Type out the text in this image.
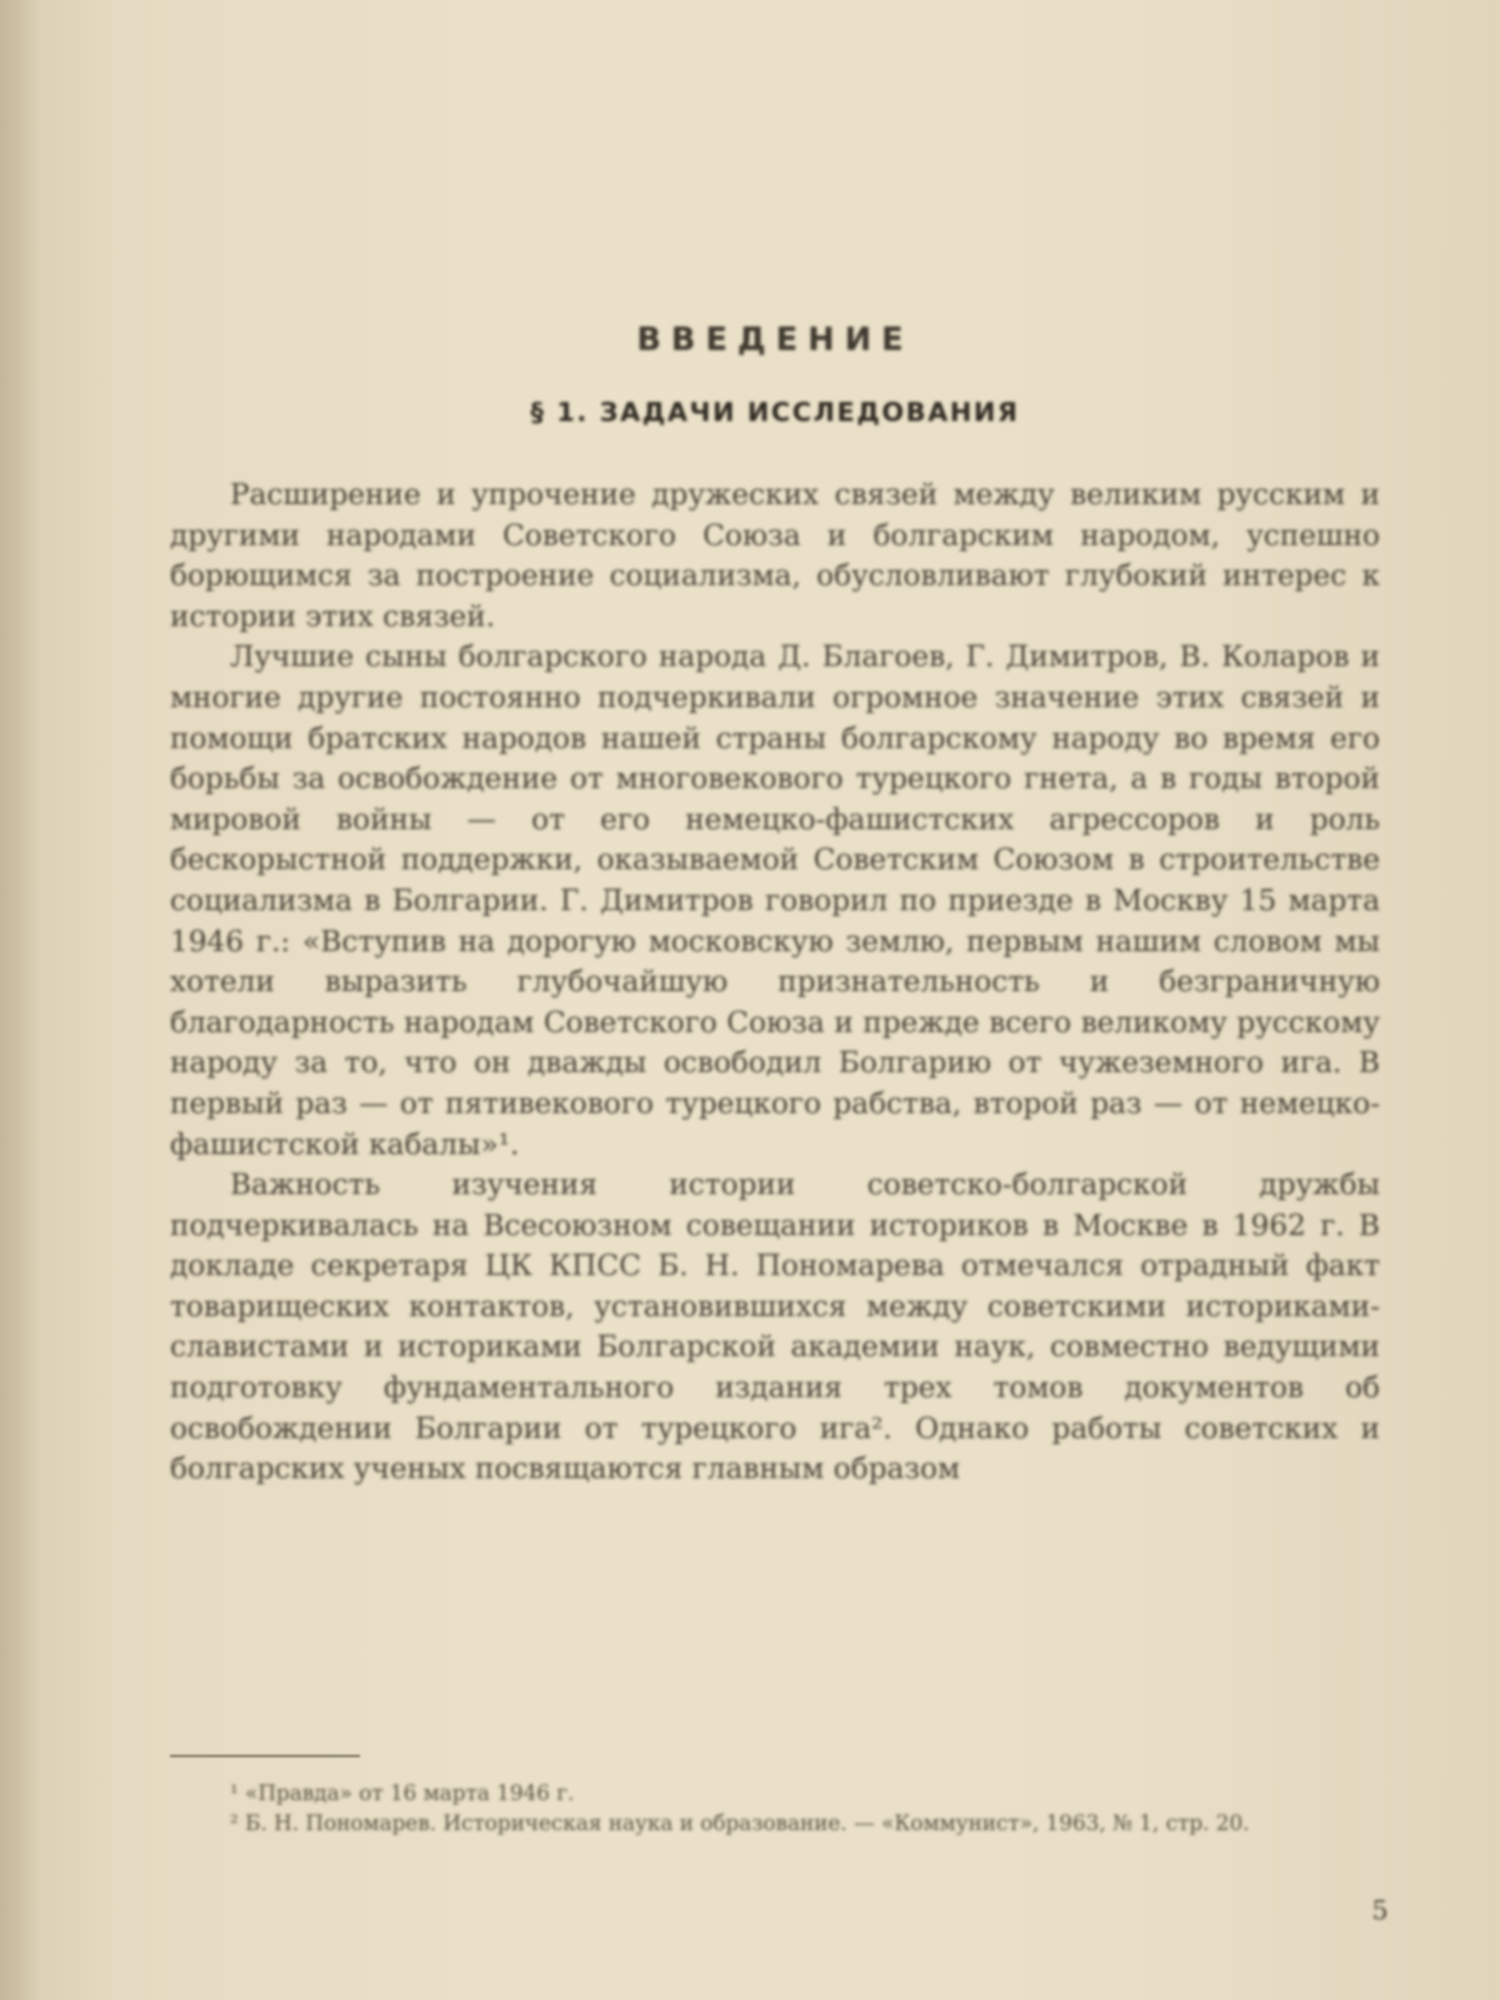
ВВЕДЕНИЕ
§ 1. ЗАДАЧИ ИССЛЕДОВАНИЯ

Расширение и упрочение дружеских связей между великим русским и другими народами Советского Союза и болгарским народом, успешно борющимся за построение социализма, обусловливают глубокий интерес к истории этих связей.

Лучшие сыны болгарского народа Д. Благоев, Г. Димитров, В. Коларов и многие другие постоянно подчеркивали огромное значение этих связей и помощи братских народов нашей страны болгарскому народу во время его борьбы за освобождение от многовекового турецкого гнета, а в годы второй мировой войны — от его немецко-фашистских агрессоров и роль бескорыстной поддержки, оказываемой Советским Союзом в строительстве социализма в Болгарии. Г. Димитров говорил по приезде в Москву 15 марта 1946 г.: «Вступив на дорогую московскую землю, первым нашим словом мы хотели выразить глубочайшую признательность и безграничную благодарность народам Советского Союза и прежде всего великому русскому народу за то, что он дважды освободил Болгарию от чужеземного ига. В первый раз — от пятивекового турецкого рабства, второй раз — от немецко-фашистской кабалы»¹.

Важность изучения истории советско-болгарской дружбы подчеркивалась на Всесоюзном совещании историков в Москве в 1962 г. В докладе секретаря ЦК КПСС Б. Н. Пономарева отмечался отрадный факт товарищеских контактов, установившихся между советскими историками-славистами и историками Болгарской академии наук, совместно ведущими подготовку фундаментального издания трех томов документов об освобождении Болгарии от турецкого ига². Однако работы советских и болгарских ученых посвящаются главным образом

¹ «Правда» от 16 марта 1946 г.

² Б. Н. Пономарев. Историческая наука и образование. — «Коммунист», 1963, № 1, стр. 20.

5
